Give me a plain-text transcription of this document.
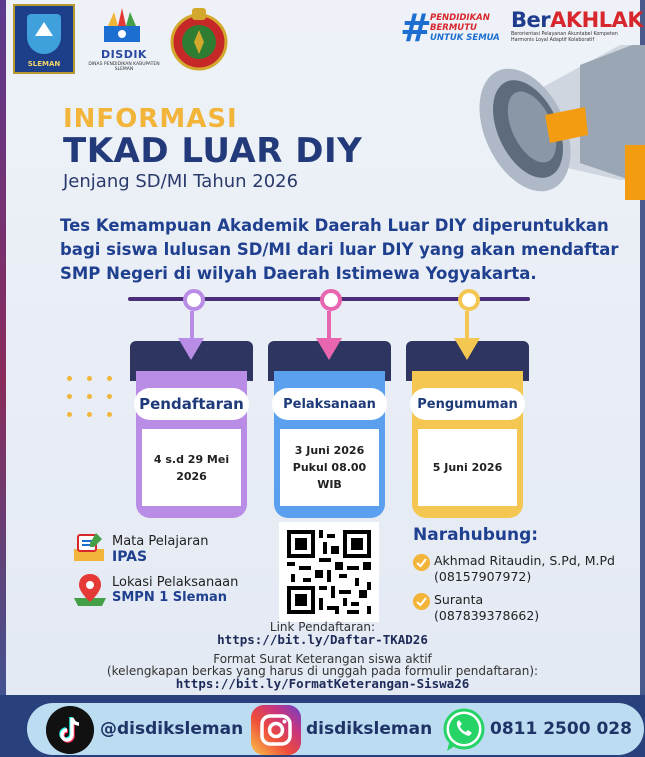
SLEMAN
DISDIK
DINAS PENDIDIKAN KABUPATEN SLEMAN
#
PENDIDIKAN
BERMUTU
UNTUK SEMUA
BerAKHLAK
Berorientasi Pelayanan Akuntabel Kompeten
Harmonis Loyal Adaptif Kolaboratif
INFORMASI
TKAD LUAR DIY
Jenjang SD/MI Tahun 2026
Tes Kemampuan Akademik Daerah Luar DIY diperuntukkan bagi siswa lulusan SD/MI dari luar DIY yang akan mendaftar SMP Negeri di wilyah Daerah Istimewa Yogyakarta.
Pendaftaran
4 s.d 29 Mei 2026
Pelaksanaan
3 Juni 2026
Pukul 08.00 WIB
Pengumuman
5 Juni 2026
Mata Pelajaran
IPAS
Lokasi Pelaksanaan
SMPN 1 Sleman
Narahubung:
Akhmad Ritaudin, S.Pd, M.Pd
(08157907972)
Suranta
(087839378662)
Link Pendaftaran:
https://bit.ly/Daftar-TKAD26
Format Surat Keterangan siswa aktif
(kelengkapan berkas yang harus di unggah pada formulir pendaftaran):
https://bit.ly/FormatKeterangan-Siswa26
@disdiksleman	disdiksleman	0811 2500 028
